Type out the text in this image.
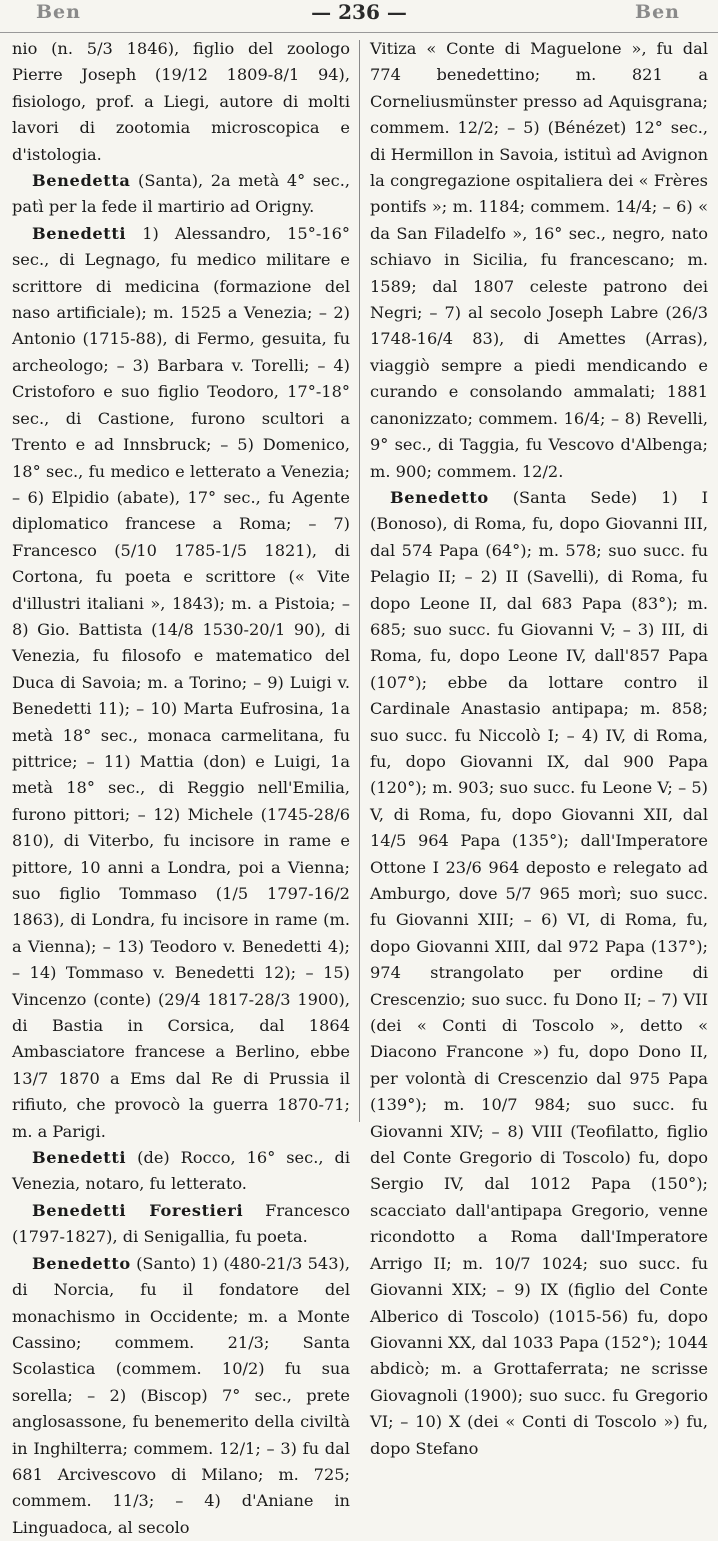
Ben	— 236 —	Ben

nio (n. 5/3 1846), figlio del zoologo Pierre Joseph (19/12 1809-8/1 94), fisiologo, prof. a Liegi, autore di molti lavori di zootomia microscopica e d'istologia.

Benedetta (Santa), 2a metà 4° sec., patì per la fede il martirio ad Origny.

Benedetti 1) Alessandro, 15°-16° sec., di Legnago, fu medico militare e scrittore di medicina (formazione del naso artificiale); m. 1525 a Venezia; – 2) Antonio (1715-88), di Fermo, gesuita, fu archeologo; – 3) Barbara v. Torelli; – 4) Cristoforo e suo figlio Teodoro, 17°-18° sec., di Castione, furono scultori a Trento e ad Innsbruck; – 5) Domenico, 18° sec., fu medico e letterato a Venezia; – 6) Elpidio (abate), 17° sec., fu Agente diplomatico francese a Roma; – 7) Francesco (5/10 1785-1/5 1821), di Cortona, fu poeta e scrittore (« Vite d'illustri italiani », 1843); m. a Pistoia; – 8) Gio. Battista (14/8 1530-20/1 90), di Venezia, fu filosofo e matematico del Duca di Savoia; m. a Torino; – 9) Luigi v. Benedetti 11); – 10) Marta Eufrosina, 1a metà 18° sec., monaca carmelitana, fu pittrice; – 11) Mattia (don) e Luigi, 1a metà 18° sec., di Reggio nell'Emilia, furono pittori; – 12) Michele (1745-28/6 810), di Viterbo, fu incisore in rame e pittore, 10 anni a Londra, poi a Vienna; suo figlio Tommaso (1/5 1797-16/2 1863), di Londra, fu incisore in rame (m. a Vienna); – 13) Teodoro v. Benedetti 4); – 14) Tommaso v. Benedetti 12); – 15) Vincenzo (conte) (29/4 1817-28/3 1900), di Bastia in Corsica, dal 1864 Ambasciatore francese a Berlino, ebbe 13/7 1870 a Ems dal Re di Prussia il rifiuto, che provocò la guerra 1870-71; m. a Parigi.

Benedetti (de) Rocco, 16° sec., di Venezia, notaro, fu letterato.

Benedetti Forestieri Francesco (1797-1827), di Senigallia, fu poeta.

Benedetto (Santo) 1) (480-21/3 543), di Norcia, fu il fondatore del monachismo in Occidente; m. a Monte Cassino; commem. 21/3; Santa Scolastica (commem. 10/2) fu sua sorella; – 2) (Biscop) 7° sec., prete anglosassone, fu benemerito della civiltà in Inghilterra; commem. 12/1; – 3) fu dal 681 Arcivescovo di Milano; m. 725; commem. 11/3; – 4) d'Aniane in Linguadoca, al secolo

Vitiza « Conte di Maguelone », fu dal 774 benedettino; m. 821 a Corneliusmünster presso ad Aquisgrana; commem. 12/2; – 5) (Bénézet) 12° sec., di Hermillon in Savoia, istituì ad Avignon la congregazione ospitaliera dei « Frères pontifs »; m. 1184; commem. 14/4; – 6) « da San Filadelfo », 16° sec., negro, nato schiavo in Sicilia, fu francescano; m. 1589; dal 1807 celeste patrono dei Negri; – 7) al secolo Joseph Labre (26/3 1748-16/4 83), di Amettes (Arras), viaggiò sempre a piedi mendicando e curando e consolando ammalati; 1881 canonizzato; commem. 16/4; – 8) Revelli, 9° sec., di Taggia, fu Vescovo d'Albenga; m. 900; commem. 12/2.

Benedetto (Santa Sede) 1) I (Bonoso), di Roma, fu, dopo Giovanni III, dal 574 Papa (64°); m. 578; suo succ. fu Pelagio II; – 2) II (Savelli), di Roma, fu dopo Leone II, dal 683 Papa (83°); m. 685; suo succ. fu Giovanni V; – 3) III, di Roma, fu, dopo Leone IV, dall'857 Papa (107°); ebbe da lottare contro il Cardinale Anastasio antipapa; m. 858; suo succ. fu Niccolò I; – 4) IV, di Roma, fu, dopo Giovanni IX, dal 900 Papa (120°); m. 903; suo succ. fu Leone V; – 5) V, di Roma, fu, dopo Giovanni XII, dal 14/5 964 Papa (135°); dall'Imperatore Ottone I 23/6 964 deposto e relegato ad Amburgo, dove 5/7 965 morì; suo succ. fu Giovanni XIII; – 6) VI, di Roma, fu, dopo Giovanni XIII, dal 972 Papa (137°); 974 strangolato per ordine di Crescenzio; suo succ. fu Dono II; – 7) VII (dei « Conti di Toscolo », detto « Diacono Francone ») fu, dopo Dono II, per volontà di Crescenzio dal 975 Papa (139°); m. 10/7 984; suo succ. fu Giovanni XIV; – 8) VIII (Teofilatto, figlio del Conte Gregorio di Toscolo) fu, dopo Sergio IV, dal 1012 Papa (150°); scacciato dall'antipapa Gregorio, venne ricondotto a Roma dall'Imperatore Arrigo II; m. 10/7 1024; suo succ. fu Giovanni XIX; – 9) IX (figlio del Conte Alberico di Toscolo) (1015-56) fu, dopo Giovanni XX, dal 1033 Papa (152°); 1044 abdicò; m. a Grottaferrata; ne scrisse Giovagnoli (1900); suo succ. fu Gregorio VI; – 10) X (dei « Conti di Toscolo ») fu, dopo Stefano
